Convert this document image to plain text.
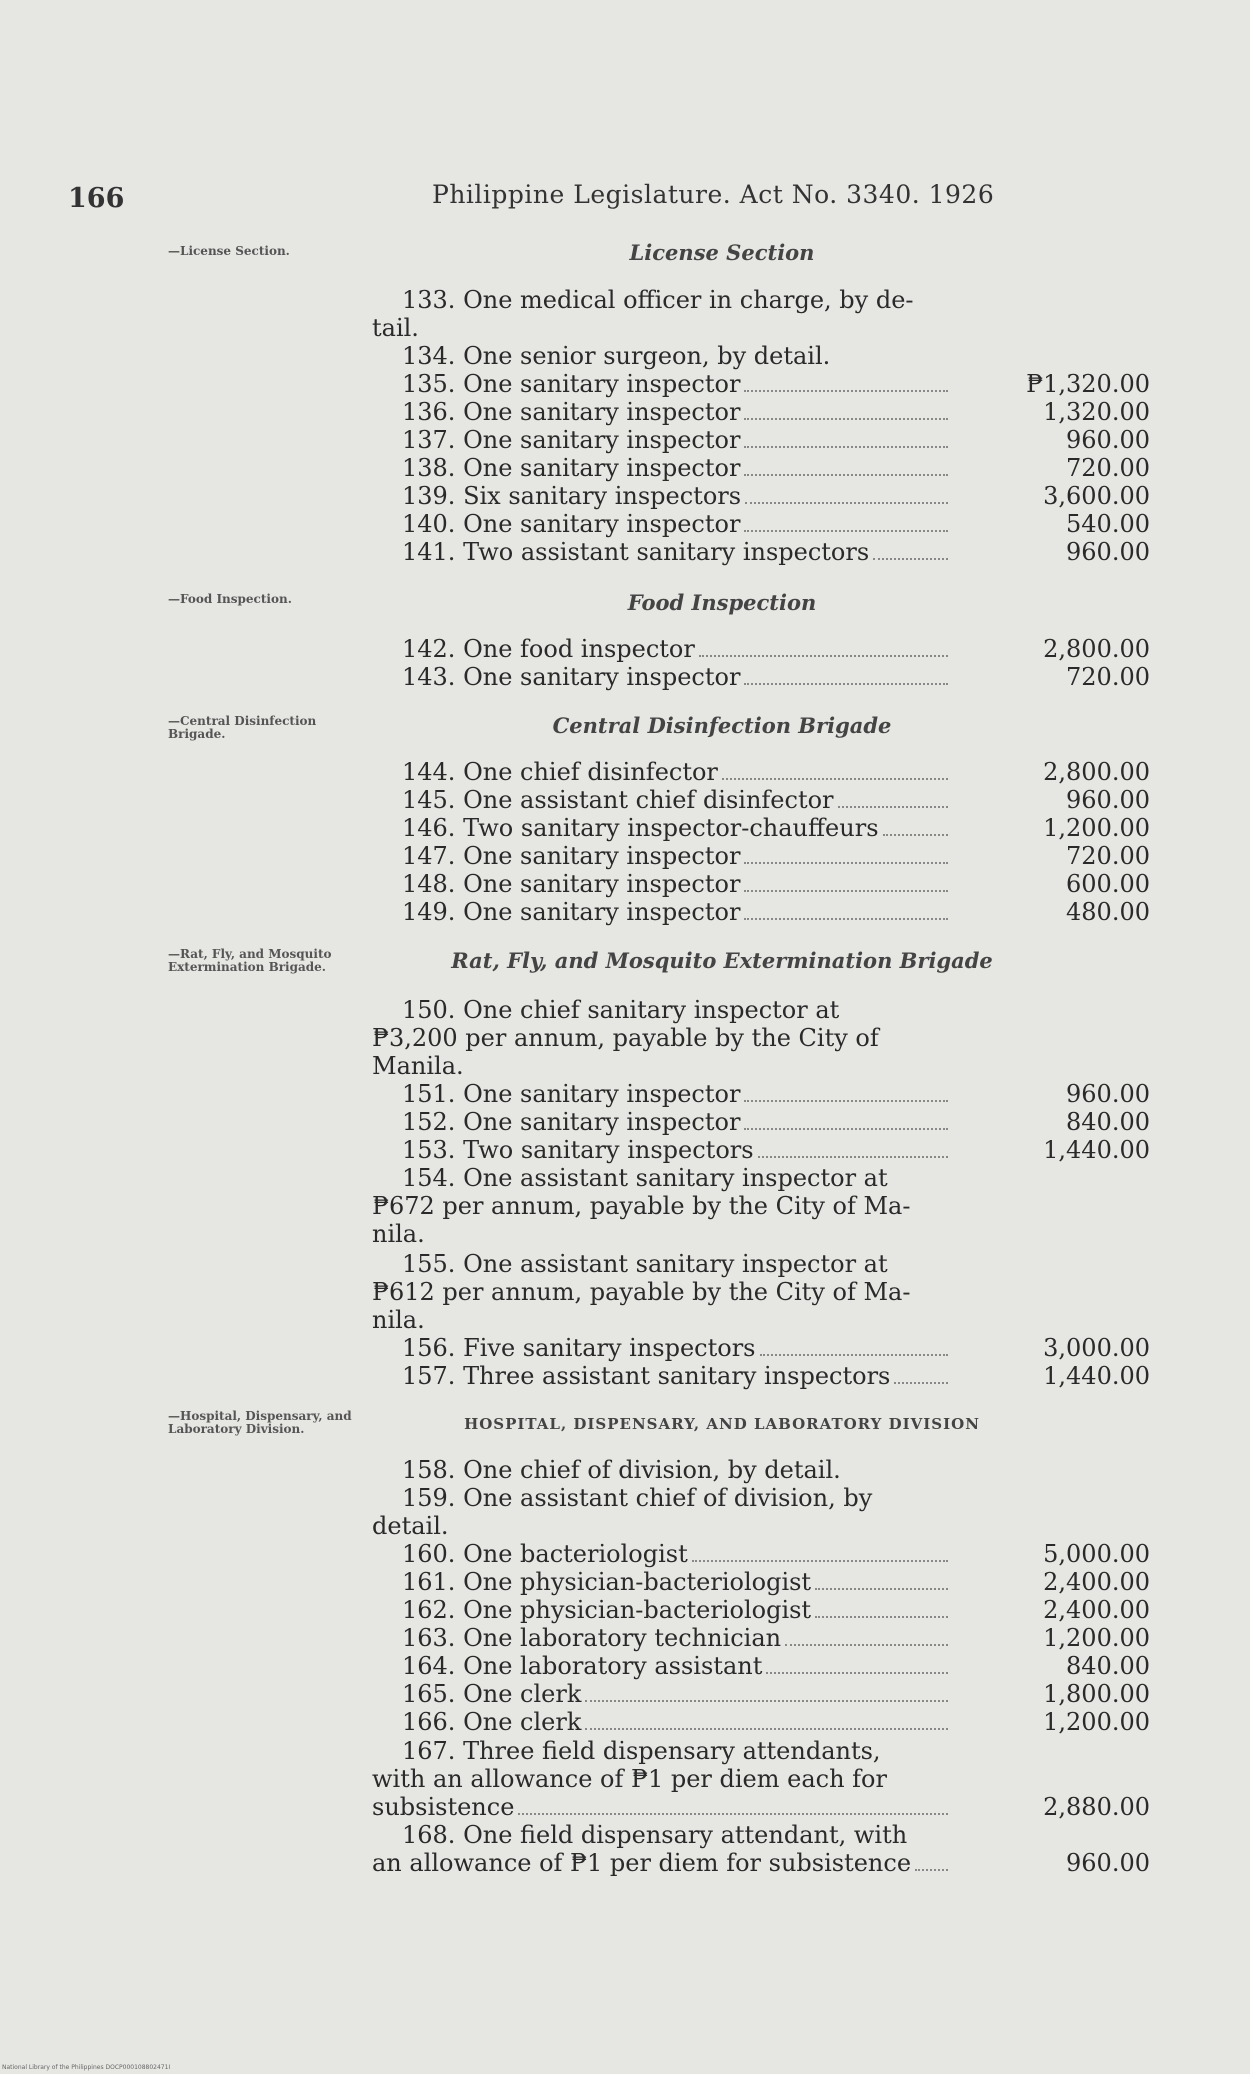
166	Philippine Legislature. Act No. 3340. 1926
—License Section.
—Food Inspection.
—Central Disinfection Brigade.
—Rat, Fly, and Mosquito Extermination Brigade.
—Hospital, Dispensary, and Laboratory Division.
License Section
Food Inspection
Central Disinfection Brigade
Rat, Fly, and Mosquito Extermination Brigade
HOSPITAL, DISPENSARY, AND LABORATORY DIVISION
133. One medical officer in charge, by de-
tail.
134. One senior surgeon, by detail.
135. One sanitary inspector	₱1,320.00
136. One sanitary inspector	1,320.00
137. One sanitary inspector	960.00
138. One sanitary inspector	720.00
139. Six sanitary inspectors	3,600.00
140. One sanitary inspector	540.00
141. Two assistant sanitary inspectors	960.00
142. One food inspector	2,800.00
143. One sanitary inspector	720.00
144. One chief disinfector	2,800.00
145. One assistant chief disinfector	960.00
146. Two sanitary inspector-chauffeurs	1,200.00
147. One sanitary inspector	720.00
148. One sanitary inspector	600.00
149. One sanitary inspector	480.00
150. One chief sanitary inspector at
₱3,200 per annum, payable by the City of
Manila.
151. One sanitary inspector	960.00
152. One sanitary inspector	840.00
153. Two sanitary inspectors	1,440.00
154. One assistant sanitary inspector at
₱672 per annum, payable by the City of Ma-
nila.
155. One assistant sanitary inspector at
₱612 per annum, payable by the City of Ma-
nila.
156. Five sanitary inspectors	3,000.00
157. Three assistant sanitary inspectors	1,440.00
158. One chief of division, by detail.
159. One assistant chief of division, by
detail.
160. One bacteriologist	5,000.00
161. One physician-bacteriologist	2,400.00
162. One physician-bacteriologist	2,400.00
163. One laboratory technician	1,200.00
164. One laboratory assistant	840.00
165. One clerk	1,800.00
166. One clerk	1,200.00
167. Three field dispensary attendants,
with an allowance of ₱1 per diem each for
subsistence	2,880.00
168. One field dispensary attendant, with
an allowance of ₱1 per diem for subsistence	960.00
National Library of the Philippines DOCP000108802471I
